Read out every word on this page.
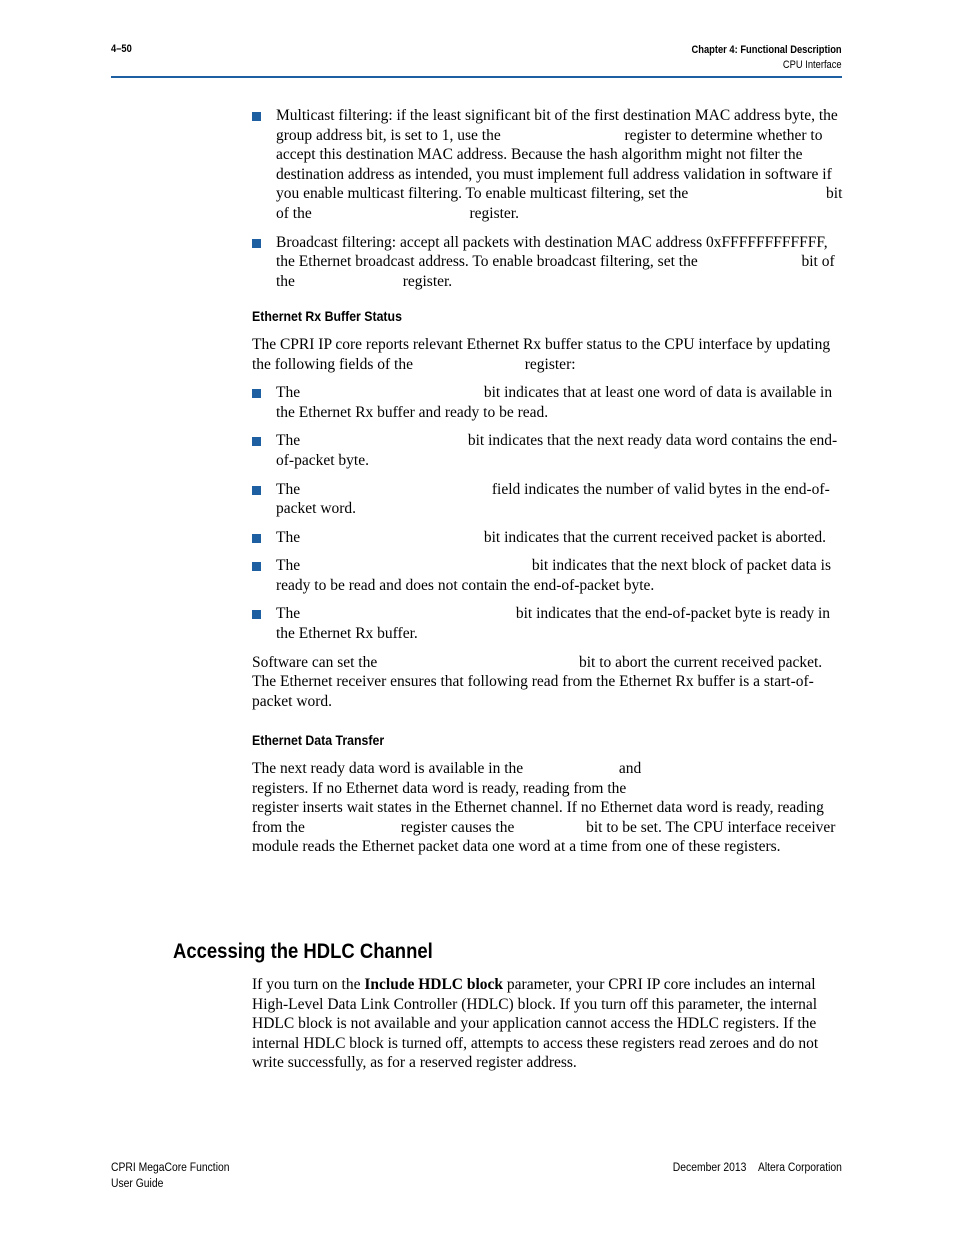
4–50	Chapter 4: Functional Description
CPU Interface
Multicast filtering: if the least significant bit of the first destination MAC address byte, the group address bit, is set to 1, use the	register to determine whether to accept this destination MAC address. Because the hash algorithm might not filter the destination address as intended, you must implement full address validation in software if you enable multicast filtering. To enable multicast filtering, set the	bit of the	register.
Broadcast filtering: accept all packets with destination MAC address 0xFFFFFFFFFFFF, the Ethernet broadcast address. To enable broadcast filtering, set the	bit of the	register.
Ethernet Rx Buffer Status

The CPRI IP core reports relevant Ethernet Rx buffer status to the CPU interface by updating the following fields of the	register:

The	bit indicates that at least one word of data is available in the Ethernet Rx buffer and ready to be read.
The	bit indicates that the next ready data word contains the end-of-packet byte.
The	field indicates the number of valid bytes in the end-of-packet word.
The	bit indicates that the current received packet is aborted.
The	bit indicates that the next block of packet data is ready to be read and does not contain the end-of-packet byte.
The	bit indicates that the end-of-packet byte is ready in the Ethernet Rx buffer.

Software can set the	bit to abort the current received packet. The Ethernet receiver ensures that following read from the Ethernet Rx buffer is a start-of-packet word.

Ethernet Data Transfer

The next ready data word is available in the	and  registers. If no Ethernet data word is ready, reading from the  register inserts wait states in the Ethernet channel. If no Ethernet data word is ready, reading from the	register causes the	bit to be set. The CPU interface receiver module reads the Ethernet packet data one word at a time from one of these registers.

Accessing the HDLC Channel

If you turn on the Include HDLC block parameter, your CPRI IP core includes an internal High-Level Data Link Controller (HDLC) block. If you turn off this parameter, the internal HDLC block is not available and your application cannot access the HDLC registers. If the internal HDLC block is turned off, attempts to access these registers read zeroes and do not write successfully, as for a reserved register address.

CPRI MegaCore Function
User Guide
December 2013 Altera Corporation
